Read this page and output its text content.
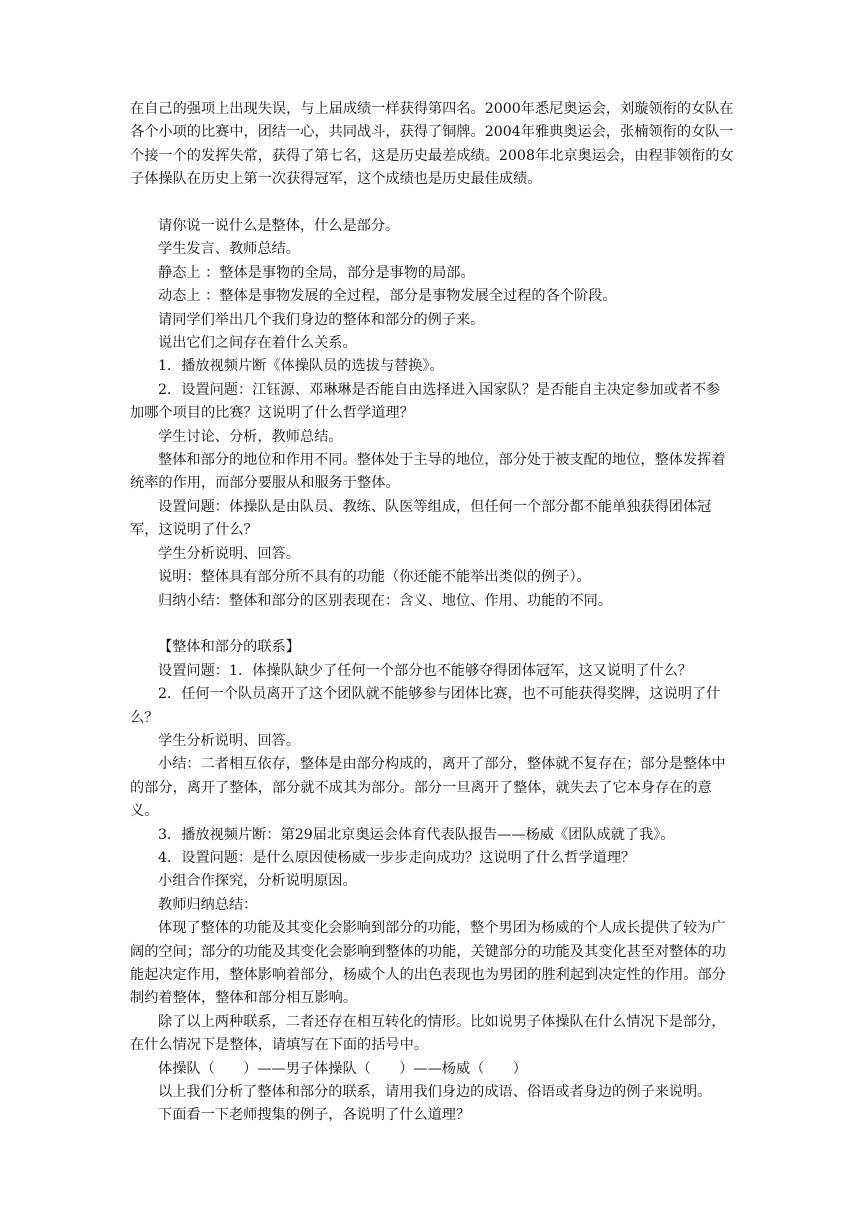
在自己的强项上出现失误，与上届成绩一样获得第四名。2000年悉尼奥运会，刘璇领衔的女队在各个小项的比赛中，团结一心，共同战斗，获得了铜牌。2004年雅典奥运会，张楠领衔的女队一个接一个的发挥失常，获得了第七名，这是历史最差成绩。2008年北京奥运会，由程菲领衔的女子体操队在历史上第一次获得冠军，这个成绩也是历史最佳成绩。

请你说一说什么是整体，什么是部分。

学生发言、教师总结。

静态上 ：整体是事物的全局，部分是事物的局部。

动态上 ：整体是事物发展的全过程，部分是事物发展全过程的各个阶段。

请同学们举出几个我们身边的整体和部分的例子来。

说出它们之间存在着什么关系。

1．播放视频片断《体操队员的选拔与替换》。

2．设置问题：江钰源、邓琳琳是否能自由选择进入国家队？是否能自主决定参加或者不参加哪个项目的比赛？这说明了什么哲学道理？

学生讨论、分析，教师总结。

整体和部分的地位和作用不同。整体处于主导的地位，部分处于被支配的地位，整体发挥着统率的作用，而部分要服从和服务于整体。

设置问题：体操队是由队员、教练、队医等组成，但任何一个部分都不能单独获得团体冠军，这说明了什么？

学生分析说明、回答。

说明：整体具有部分所不具有的功能（你还能不能举出类似的例子）。

归纳小结：整体和部分的区别表现在：含义、地位、作用、功能的不同。

【整体和部分的联系】

设置问题：1．体操队缺少了任何一个部分也不能够夺得团体冠军，这又说明了什么？

2．任何一个队员离开了这个团队就不能够参与团体比赛，也不可能获得奖牌，这说明了什么？

学生分析说明、回答。

小结：二者相互依存，整体是由部分构成的，离开了部分，整体就不复存在；部分是整体中的部分，离开了整体，部分就不成其为部分。部分一旦离开了整体，就失去了它本身存在的意义。

3．播放视频片断：第29届北京奥运会体育代表队报告——杨威《团队成就了我》。

4．设置问题：是什么原因使杨威一步步走向成功？这说明了什么哲学道理？

小组合作探究，分析说明原因。

教师归纳总结：

体现了整体的功能及其变化会影响到部分的功能，整个男团为杨威的个人成长提供了较为广阔的空间；部分的功能及其变化会影响到整体的功能，关键部分的功能及其变化甚至对整体的功能起决定作用，整体影响着部分，杨威个人的出色表现也为男团的胜利起到决定性的作用。部分制约着整体，整体和部分相互影响。

除了以上两种联系，二者还存在相互转化的情形。比如说男子体操队在什么情况下是部分，在什么情况下是整体，请填写在下面的括号中。

体操队（　　）——男子体操队（　　）——杨威（　　）

以上我们分析了整体和部分的联系，请用我们身边的成语、俗语或者身边的例子来说明。

下面看一下老师搜集的例子，各说明了什么道理？
